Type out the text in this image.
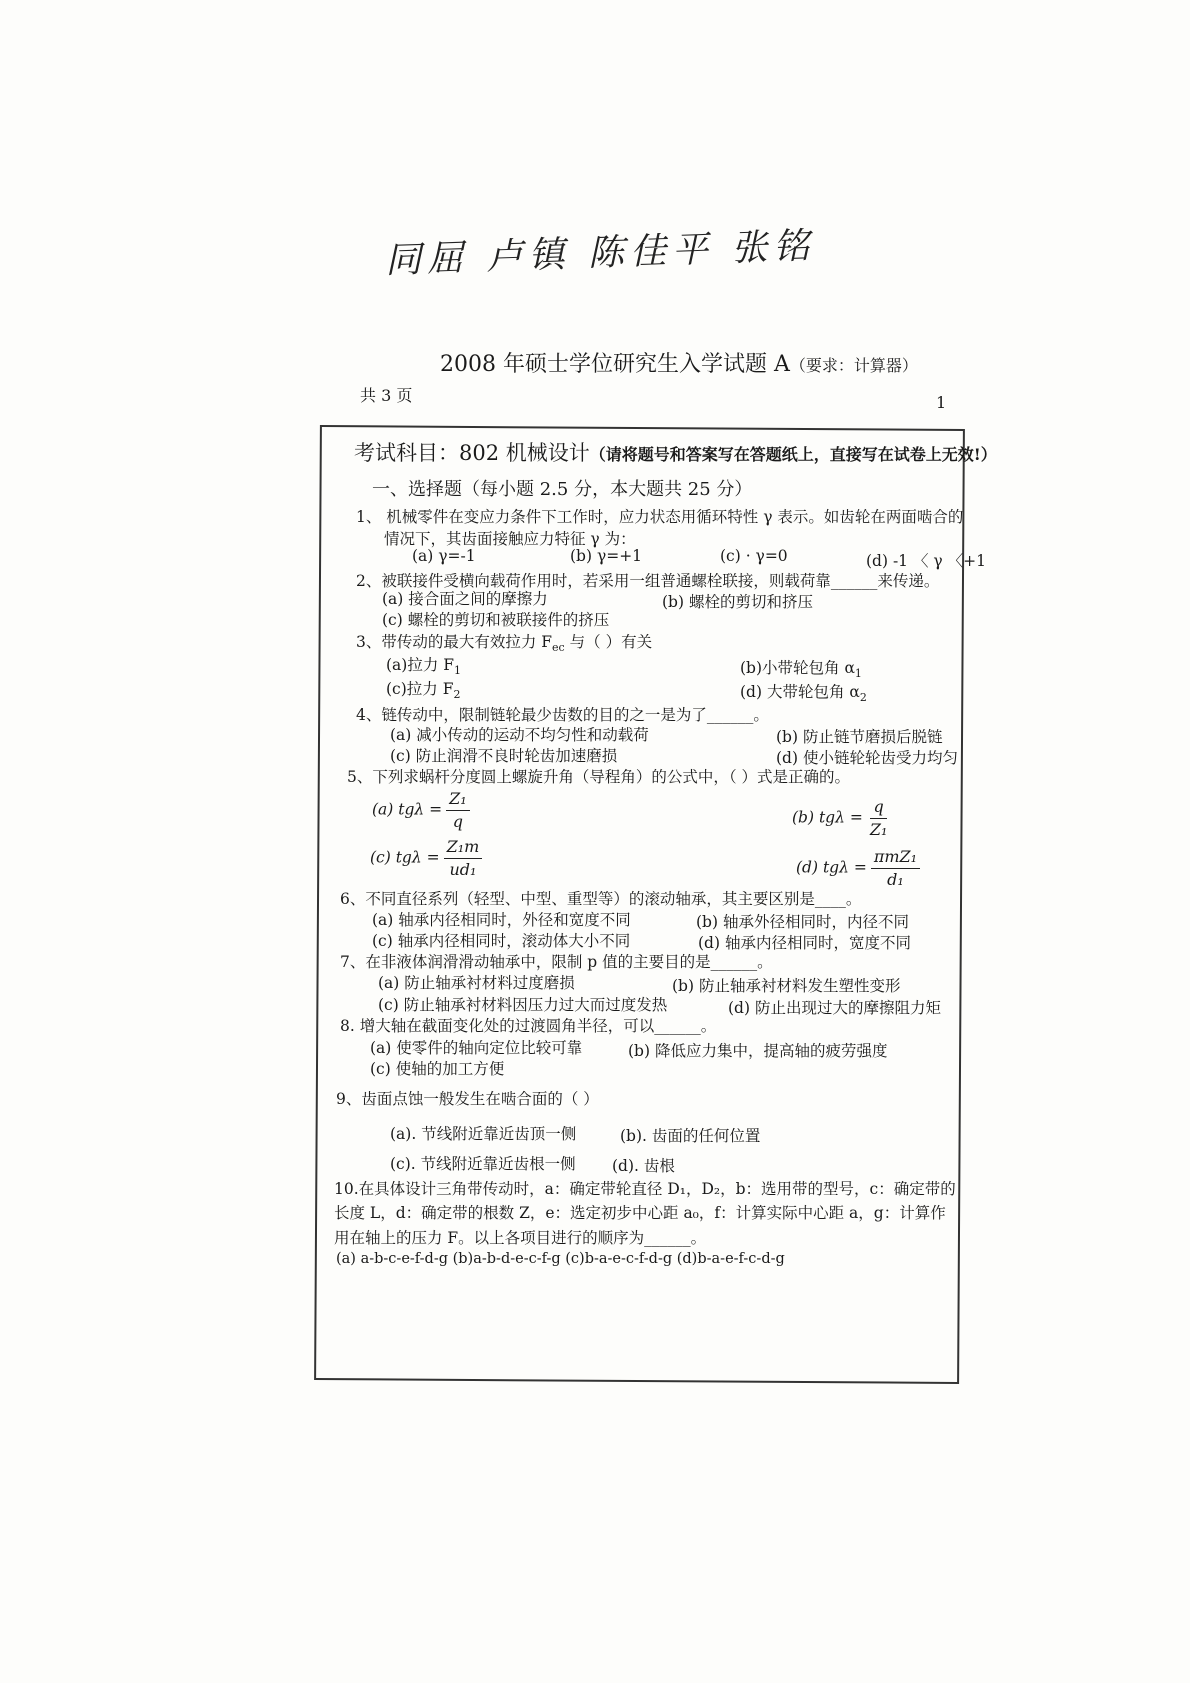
同屈 卢镇 陈佳平 张铭
2008 年硕士学位研究生入学试题 A（要求：计算器）
共 3 页	1
考试科目：802 机械设计（请将题号和答案写在答题纸上，直接写在试卷上无效!）
一、选择题（每小题 2.5 分，本大题共 25 分）
1、 机械零件在变应力条件下工作时，应力状态用循环特性 γ 表示。如齿轮在两面啮合的
情况下，其齿面接触应力特征 γ 为：
(a) γ=-1	(b) γ=+1	(c) · γ=0	(d) -1 〈 γ 〈+1
2、被联接件受横向载荷作用时，若采用一组普通螺栓联接，则载荷靠______来传递。
(a) 接合面之间的摩擦力	(b) 螺栓的剪切和挤压
(c) 螺栓的剪切和被联接件的挤压
3、带传动的最大有效拉力 $F_{ec}$ 与（ ）有关
(a)拉力 $F_1$	(b)小带轮包角 $\alpha_1$
(c)拉力 $F_2$	(d) 大带轮包角 $\alpha_2$
4、链传动中，限制链轮最少齿数的目的之一是为了______。
(a) 减小传动的运动不均匀性和动载荷	(b) 防止链节磨损后脱链
(c) 防止润滑不良时轮齿加速磨损	(d) 使小链轮轮齿受力均匀
5、下列求蜗杆分度圆上螺旋升角（导程角）的公式中，（ ）式是正确的。
(a) $tg\lambda = \frac{\text{Z₁}}{q}$	(b) $tg\lambda = \frac{q}{\text{Z₁}}$
(c) $tg\lambda = \frac{\text{Z₁m}}{\text{ud₁}}$	(d) $tg\lambda = \frac{\text{πmZ₁}}{\text{d₁}}$
6、不同直径系列（轻型、中型、重型等）的滚动轴承，其主要区别是____。
(a) 轴承内径相同时，外径和宽度不同	(b) 轴承外径相同时，内径不同
(c) 轴承内径相同时，滚动体大小不同	(d) 轴承内径相同时，宽度不同
7、在非液体润滑滑动轴承中，限制 p 值的主要目的是______。
(a) 防止轴承衬材料过度磨损	(b) 防止轴承衬材料发生塑性变形
(c) 防止轴承衬材料因压力过大而过度发热	(d) 防止出现过大的摩擦阻力矩
8. 增大轴在截面变化处的过渡圆角半径，可以______。
(a) 使零件的轴向定位比较可靠	(b) 降低应力集中，提高轴的疲劳强度
(c) 使轴的加工方便
9、齿面点蚀一般发生在啮合面的（ ）
(a). 节线附近靠近齿顶一侧	(b). 齿面的任何位置
(c). 节线附近靠近齿根一侧 (d). 齿根
10.在具体设计三角带传动时，a：确定带轮直径 D₁，D₂，b：选用带的型号，c：确定带的
长度 L，d：确定带的根数 Z，e：选定初步中心距 a₀，f：计算实际中心距 a，g：计算作
用在轴上的压力 F。以上各项目进行的顺序为______。
(a) a-b-c-e-f-d-g (b)a-b-d-e-c-f-g (c)b-a-e-c-f-d-g (d)b-a-e-f-c-d-g
